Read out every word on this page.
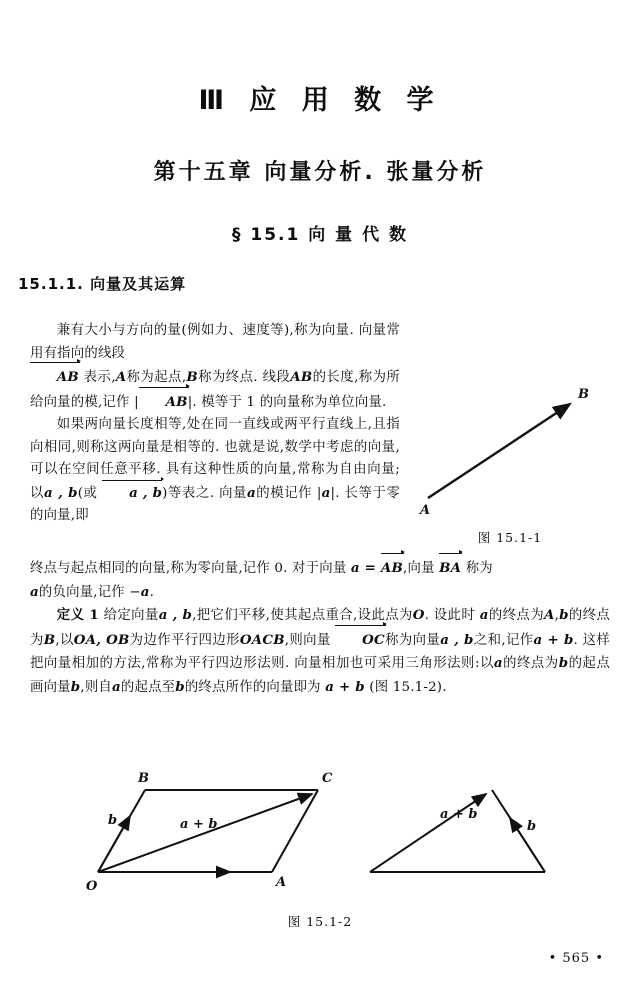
Ⅲ 应 用 数 学
第十五章 向量分析. 张量分析
§ 15.1 向 量 代 数
15.1.1. 向量及其运算

兼有大小与方向的量(例如力、速度等),称为向量. 向量常用有指向的线段
AB 表示,A称为起点,B称为终点. 线段AB的长度,称为所给向量的模,记作 | AB|. 模等于 1 的向量称为单位向量.

如果两向量长度相等,处在同一直线或两平行直线上,且指向相同,则称这两向量是相等的. 也就是说,数学中考虑的向量,可以在空间任意平移. 具有这种性质的向量,常称为自由向量;以a , b(或 a , b)等表之. 向量a的模记作 |a|. 长等于零的向量,即

B
A
图 15.1-1

终点与起点相同的向量,称为零向量,记作 0. 对于向量 a = AB,向量 BA 称为
a的负向量,记作 −a.

定义 1 给定向量a , b,把它们平移,使其起点重合,设此点为O. 设此时 a的终点为A,b的终点为B,以OA, OB为边作平行四边形OACB,则向量 OC称为向量a , b之和,记作a + b. 这样把向量相加的方法,常称为平行四边形法则. 向量相加也可采用三角形法则:以a的终点为b的起点画向量b,则自a的起点至b的终点所作的向量即为 a + b (图 15.1-2).

B	C
A
O
b	a + b
a + b
b
图 15.1-2
• 565 •
